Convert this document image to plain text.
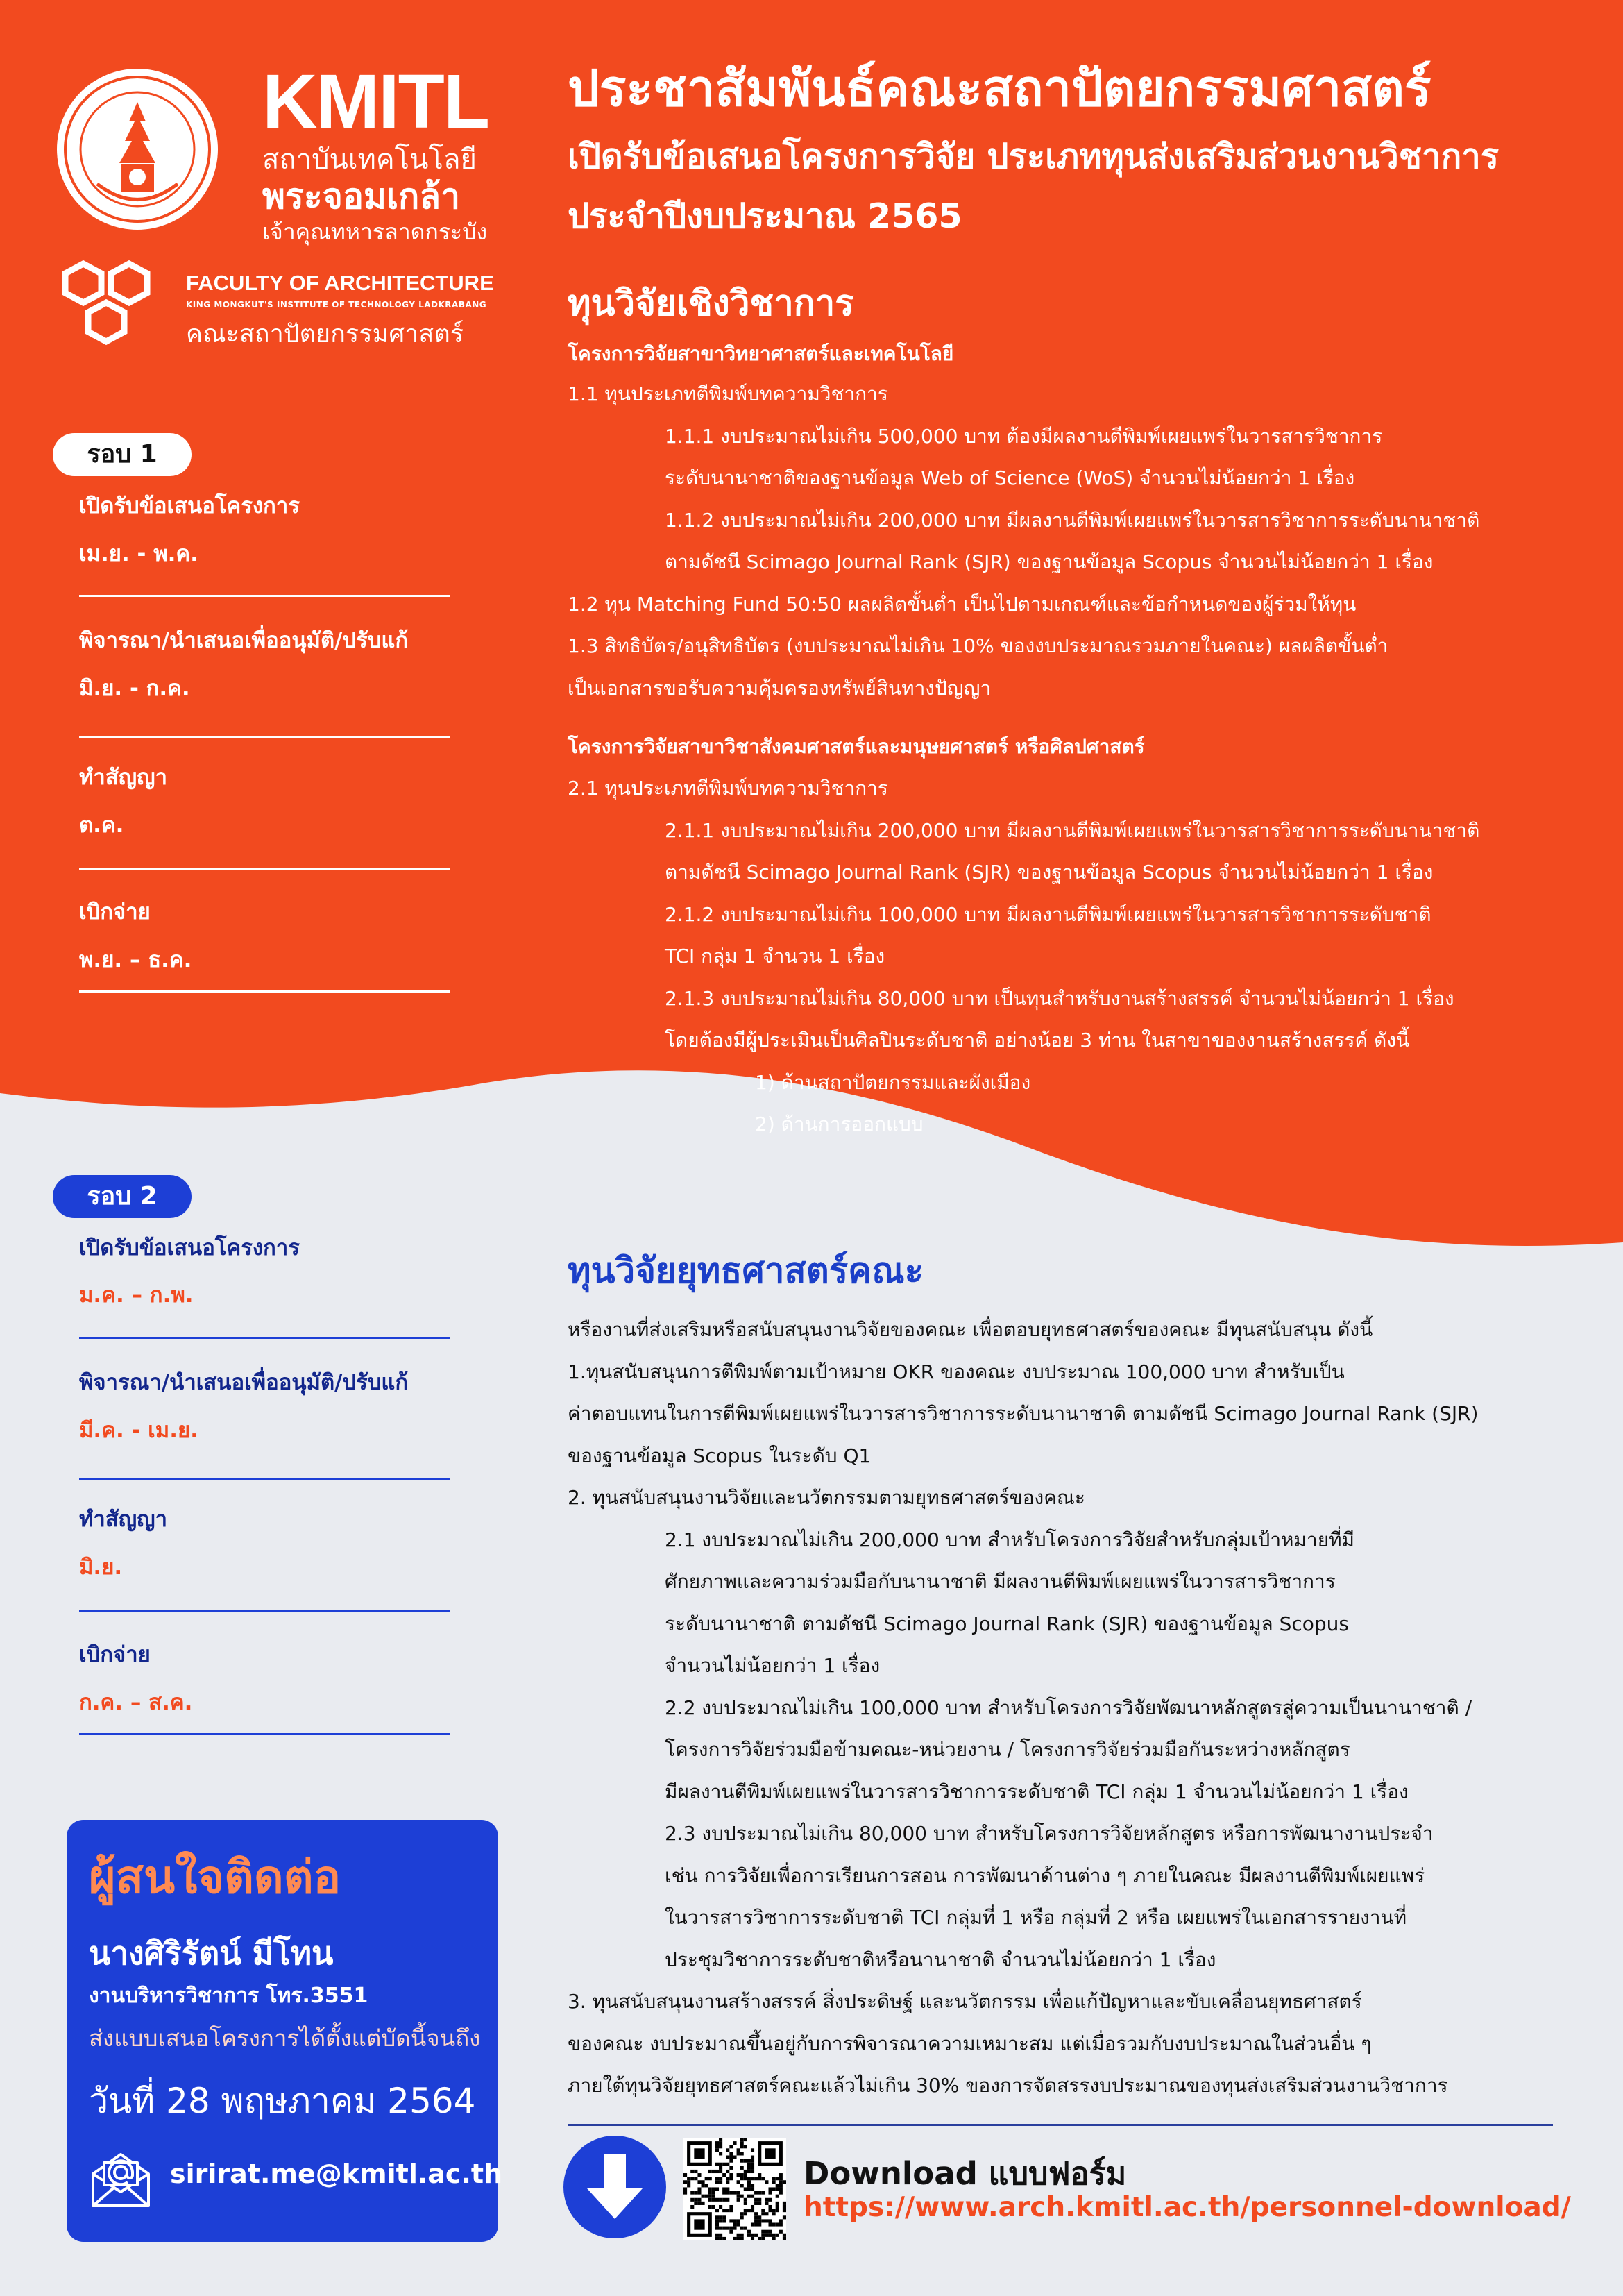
KMITL
สถาบันเทคโนโลยี
พระจอมเกล้า
เจ้าคุณทหารลาดกระบัง
FACULTY OF ARCHITECTURE
KING MONGKUT'S INSTITUTE OF TECHNOLOGY LADKRABANG
คณะสถาปัตยกรรมศาสตร์
ประชาสัมพันธ์คณะสถาปัตยกรรมศาสตร์
เปิดรับข้อเสนอโครงการวิจัย ประเภททุนส่งเสริมส่วนงานวิชาการ
ประจำปีงบประมาณ 2565
ทุนวิจัยเชิงวิชาการ
โครงการวิจัยสาขาวิทยาศาสตร์และเทคโนโลยี
1.1 ทุนประเภทตีพิมพ์บทความวิชาการ
1.1.1 งบประมาณไม่เกิน 500,000 บาท ต้องมีผลงานตีพิมพ์เผยแพร่ในวารสารวิชาการ
ระดับนานาชาติของฐานข้อมูล Web of Science (WoS) จำนวนไม่น้อยกว่า 1 เรื่อง
1.1.2 งบประมาณไม่เกิน 200,000 บาท มีผลงานตีพิมพ์เผยแพร่ในวารสารวิชาการระดับนานาชาติ
ตามดัชนี Scimago Journal Rank (SJR) ของฐานข้อมูล Scopus จำนวนไม่น้อยกว่า 1 เรื่อง
1.2 ทุน Matching Fund 50:50 ผลผลิตขั้นต่ำ เป็นไปตามเกณฑ์และข้อกำหนดของผู้ร่วมให้ทุน
1.3 สิทธิบัตร/อนุสิทธิบัตร (งบประมาณไม่เกิน 10% ของงบประมาณรวมภายในคณะ) ผลผลิตขั้นต่ำ
เป็นเอกสารขอรับความคุ้มครองทรัพย์สินทางปัญญา
โครงการวิจัยสาขาวิชาสังคมศาสตร์และมนุษยศาสตร์ หรือศิลปศาสตร์
2.1 ทุนประเภทตีพิมพ์บทความวิชาการ
2.1.1 งบประมาณไม่เกิน 200,000 บาท มีผลงานตีพิมพ์เผยแพร่ในวารสารวิชาการระดับนานาชาติ
ตามดัชนี Scimago Journal Rank (SJR) ของฐานข้อมูล Scopus จำนวนไม่น้อยกว่า 1 เรื่อง
2.1.2 งบประมาณไม่เกิน 100,000 บาท มีผลงานตีพิมพ์เผยแพร่ในวารสารวิชาการระดับชาติ
TCI กลุ่ม 1 จำนวน 1 เรื่อง
2.1.3 งบประมาณไม่เกิน 80,000 บาท เป็นทุนสำหรับงานสร้างสรรค์ จำนวนไม่น้อยกว่า 1 เรื่อง
โดยต้องมีผู้ประเมินเป็นศิลปินระดับชาติ อย่างน้อย 3 ท่าน ในสาขาของงานสร้างสรรค์ ดังนี้
1) ด้านสถาปัตยกรรมและผังเมือง
2) ด้านการออกแบบ
ทุนวิจัยยุทธศาสตร์คณะ
หรืองานที่ส่งเสริมหรือสนับสนุนงานวิจัยของคณะ เพื่อตอบยุทธศาสตร์ของคณะ มีทุนสนับสนุน ดังนี้
1.ทุนสนับสนุนการตีพิมพ์ตามเป้าหมาย OKR ของคณะ งบประมาณ 100,000 บาท สำหรับเป็น
ค่าตอบแทนในการตีพิมพ์เผยแพร่ในวารสารวิชาการระดับนานาชาติ ตามดัชนี Scimago Journal Rank (SJR)
ของฐานข้อมูล Scopus ในระดับ Q1
2. ทุนสนับสนุนงานวิจัยและนวัตกรรมตามยุทธศาสตร์ของคณะ
2.1 งบประมาณไม่เกิน 200,000 บาท สำหรับโครงการวิจัยสำหรับกลุ่มเป้าหมายที่มี
ศักยภาพและความร่วมมือกับนานาชาติ มีผลงานตีพิมพ์เผยแพร่ในวารสารวิชาการ
ระดับนานาชาติ ตามดัชนี Scimago Journal Rank (SJR) ของฐานข้อมูล Scopus
จำนวนไม่น้อยกว่า 1 เรื่อง
2.2 งบประมาณไม่เกิน 100,000 บาท สำหรับโครงการวิจัยพัฒนาหลักสูตรสู่ความเป็นนานาชาติ /
โครงการวิจัยร่วมมือข้ามคณะ-หน่วยงาน / โครงการวิจัยร่วมมือกันระหว่างหลักสูตร
มีผลงานตีพิมพ์เผยแพร่ในวารสารวิชาการระดับชาติ TCI กลุ่ม 1 จำนวนไม่น้อยกว่า 1 เรื่อง
2.3 งบประมาณไม่เกิน 80,000 บาท สำหรับโครงการวิจัยหลักสูตร หรือการพัฒนางานประจำ
เช่น การวิจัยเพื่อการเรียนการสอน การพัฒนาด้านต่าง ๆ ภายในคณะ มีผลงานตีพิมพ์เผยแพร่
ในวารสารวิชาการระดับชาติ TCI กลุ่มที่ 1 หรือ กลุ่มที่ 2 หรือ เผยแพร่ในเอกสารรายงานที่
ประชุมวิชาการระดับชาติหรือนานาชาติ จำนวนไม่น้อยกว่า 1 เรื่อง
3. ทุนสนับสนุนงานสร้างสรรค์ สิ่งประดิษฐ์ และนวัตกรรม เพื่อแก้ปัญหาและขับเคลื่อนยุทธศาสตร์
ของคณะ งบประมาณขึ้นอยู่กับการพิจารณาความเหมาะสม แต่เมื่อรวมกับงบประมาณในส่วนอื่น ๆ
ภายใต้ทุนวิจัยยุทธศาสตร์คณะแล้วไม่เกิน 30% ของการจัดสรรงบประมาณของทุนส่งเสริมส่วนงานวิชาการ
รอบ 1
เปิดรับข้อเสนอโครงการ
เม.ย. - พ.ค.
พิจารณา/นำเสนอเพื่ออนุมัติ/ปรับแก้
มิ.ย. - ก.ค.
ทำสัญญา
ต.ค.
เบิกจ่าย
พ.ย. – ธ.ค.
รอบ 2
เปิดรับข้อเสนอโครงการ
ม.ค. – ก.พ.
พิจารณา/นำเสนอเพื่ออนุมัติ/ปรับแก้
มี.ค. - เม.ย.
ทำสัญญา
มิ.ย.
เบิกจ่าย
ก.ค. – ส.ค.
ผู้สนใจติดต่อ
นางศิริรัตน์ มีโทน
งานบริหารวิชาการ โทร.3551
ส่งแบบเสนอโครงการได้ตั้งแต่บัดนี้จนถึง
วันที่ 28 พฤษภาคม 2564
sirirat.me@kmitl.ac.th	Download แบบฟอร์ม
https://www.arch.kmitl.ac.th/personnel-download/
